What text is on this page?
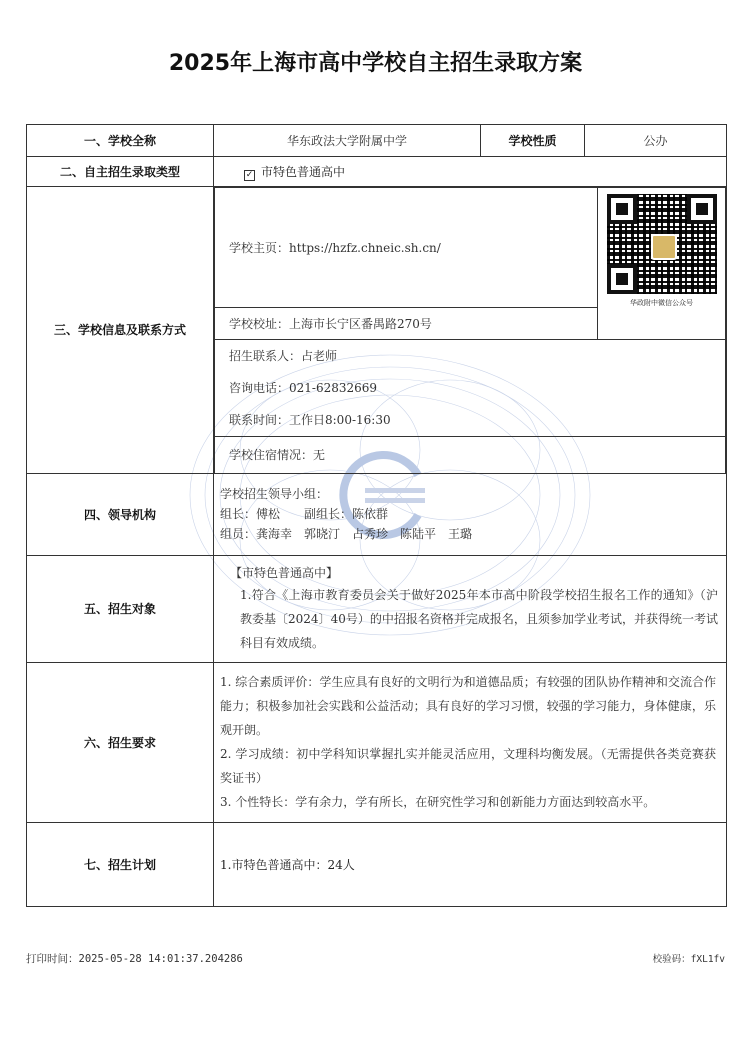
2025年上海市高中学校自主招生录取方案
一、学校全称	华东政法大学附属中学	学校性质	公办
二、自主招生录取类型	✓ 市特色普通高中
三、学校信息及联系方式	
学校主页：https://hzfz.chneic.sh.cn/	
华政附中微信公众号

学校校址：上海市长宁区番禺路270号

招生联系人：占老师
咨询电话：021-62832669
联系时间：工作日8:00-16:30

学校住宿情况：无

四、领导机构	
学校招生领导小组：
组长：傅松　　副组长：陈依群
组员：龚海幸　郭晓汀　占秀珍　陈陆平　王璐

五、招生对象	
【市特色普通高中】
1.符合《上海市教育委员会关于做好2025年本市高中阶段学校招生报名工作的通知》（沪教委基〔2024〕40号）的中招报名资格并完成报名，且须参加学业考试，并获得统一考试科目有效成绩。

六、招生要求	
1. 综合素质评价：学生应具有良好的文明行为和道德品质；有较强的团队协作精神和交流合作能力；积极参加社会实践和公益活动；具有良好的学习习惯，较强的学习能力，身体健康，乐观开朗。
2. 学习成绩：初中学科知识掌握扎实并能灵活应用，文理科均衡发展。（无需提供各类竞赛获奖证书）
3. 个性特长：学有余力，学有所长，在研究性学习和创新能力方面达到较高水平。

七、招生计划	1.市特色普通高中：24人
打印时间：2025-05-28 14:01:37.204286	校验码：fXL1fv
